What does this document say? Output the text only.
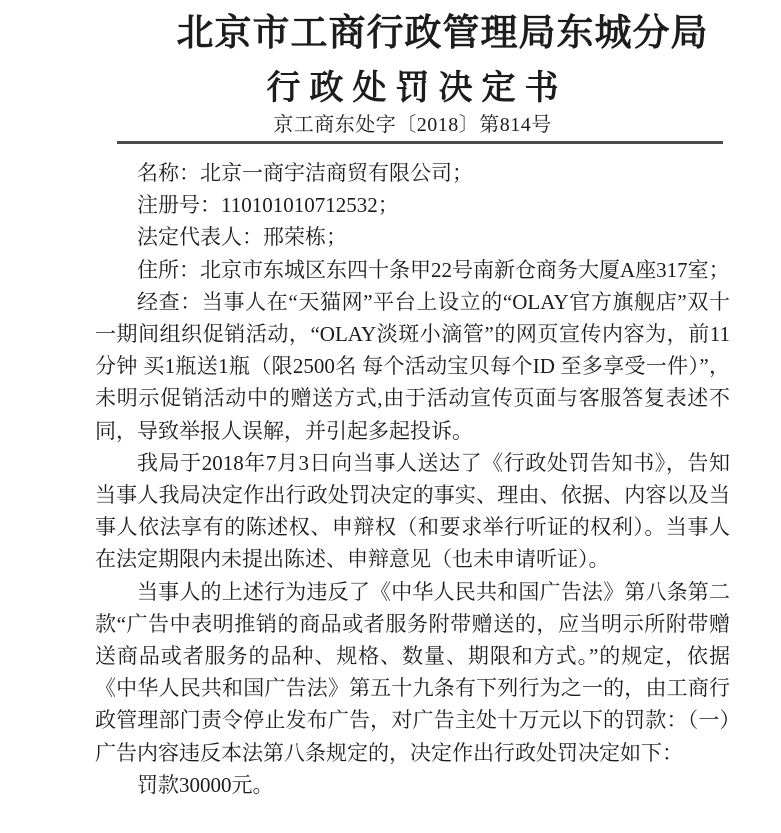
北京市工商行政管理局东城分局
行政处罚决定书
京工商东处字〔2018〕第814号

名称：北京一商宇洁商贸有限公司；

注册号：110101010712532；

法定代表人：邢荣栋；

住所：北京市东城区东四十条甲22号南新仓商务大厦A座317室；

经查：当事人在“天猫网”平台上设立的“OLAY官方旗舰店”双十一期间组织促销活动，“OLAY淡斑小滴管”的网页宣传内容为，前11分钟 买1瓶送1瓶（限2500名 每个活动宝贝每个ID 至多享受一件）”，未明示促销活动中的赠送方式,由于活动宣传页面与客服答复表述不同，导致举报人误解，并引起多起投诉。

我局于2018年7月3日向当事人送达了《行政处罚告知书》，告知当事人我局决定作出行政处罚决定的事实、理由、依据、内容以及当事人依法享有的陈述权、申辩权（和要求举行听证的权利）。当事人在法定期限内未提出陈述、申辩意见（也未申请听证）。

当事人的上述行为违反了《中华人民共和国广告法》第八条第二款“广告中表明推销的商品或者服务附带赠送的，应当明示所附带赠送商品或者服务的品种、规格、数量、期限和方式。”的规定，依据《中华人民共和国广告法》第五十九条有下列行为之一的，由工商行政管理部门责令停止发布广告，对广告主处十万元以下的罚款：（一）广告内容违反本法第八条规定的，决定作出行政处罚决定如下：

罚款30000元。
